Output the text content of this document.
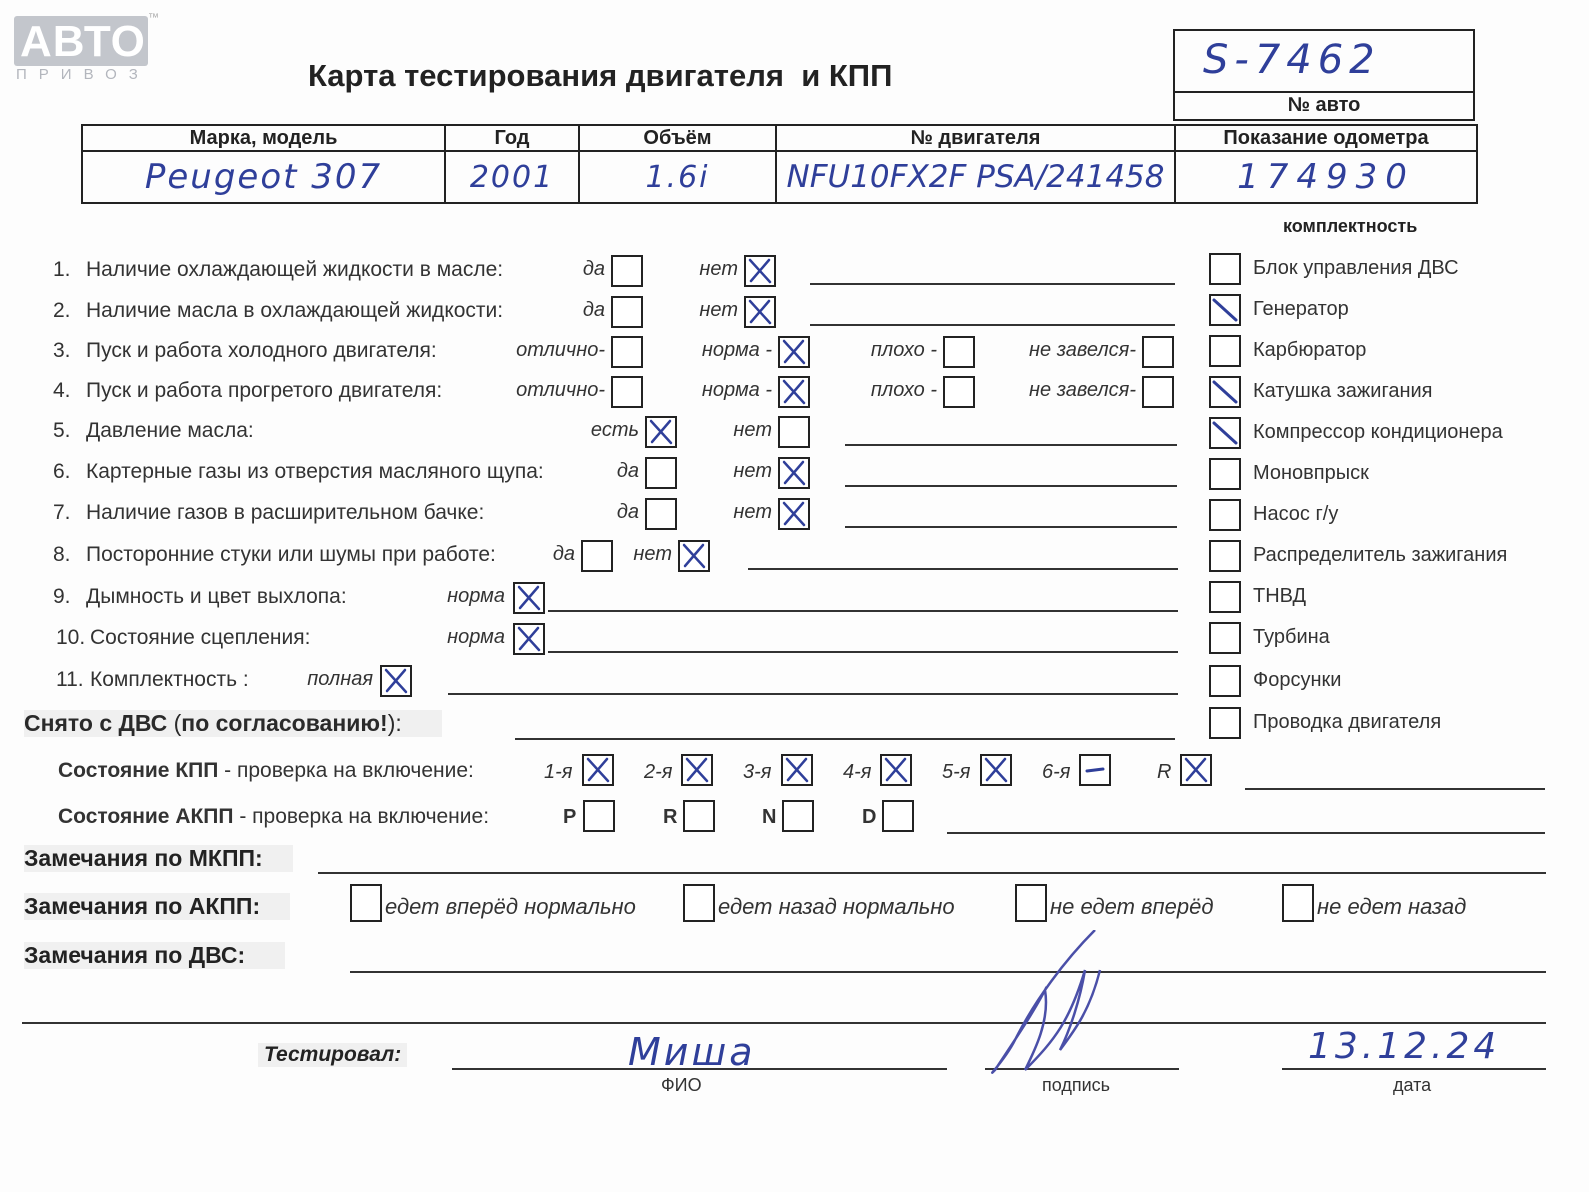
АВТО ™
ПРИВОЗ	Карта тестирования двигателя  и КПП	S-7462
№ авто
Марка, модель	Год	Объём	№ двигателя	Показание одометра
Peugeot 307	2001	1.6i	NFU10FX2F PSA/241458	174930
комплектность
Снято с ДВС (по согласованию!):
Состояние КПП - проверка на включение:
Состояние АКПП - проверка на включение:
Замечания по МКПП:
Замечания по АКПП:
Замечания по ДВС:
Тестировал:	Миша
ФИО	подпись
13.12.24
дата
Блок управления ДВС
Генератор
Карбюратор
Катушка зажигания
Компрессор кондиционера
Моновпрыск
Насос г/у
Распределитель зажигания
ТНВД
Турбина
Форсунки
Проводка двигателя
1. Наличие охлаждающей жидкости в масле:	да	нет
2. Наличие масла в охлаждающей жидкости:	да	нет
3. Пуск и работа холодного двигателя:	отлично-	норма -	плохо -	не завелся-
4. Пуск и работа прогретого двигателя:	отлично-	норма -	плохо -	не завелся-
5. Давление масла:	есть	нет
6. Картерные газы из отверстия масляного щупа:	да	нет
7. Наличие газов в расширительном бачке:	да	нет
8. Посторонние стуки или шумы при работе:	да	нет
9. Дымность и цвет выхлопа:	норма
10. Состояние сцепления:	норма
11. Комплектность :	полная
1-я	2-я	3-я	4-я	5-я	6-я	R
P	R	N	D
едет вперёд нормально	едет назад нормально	не едет вперёд	не едет назад
